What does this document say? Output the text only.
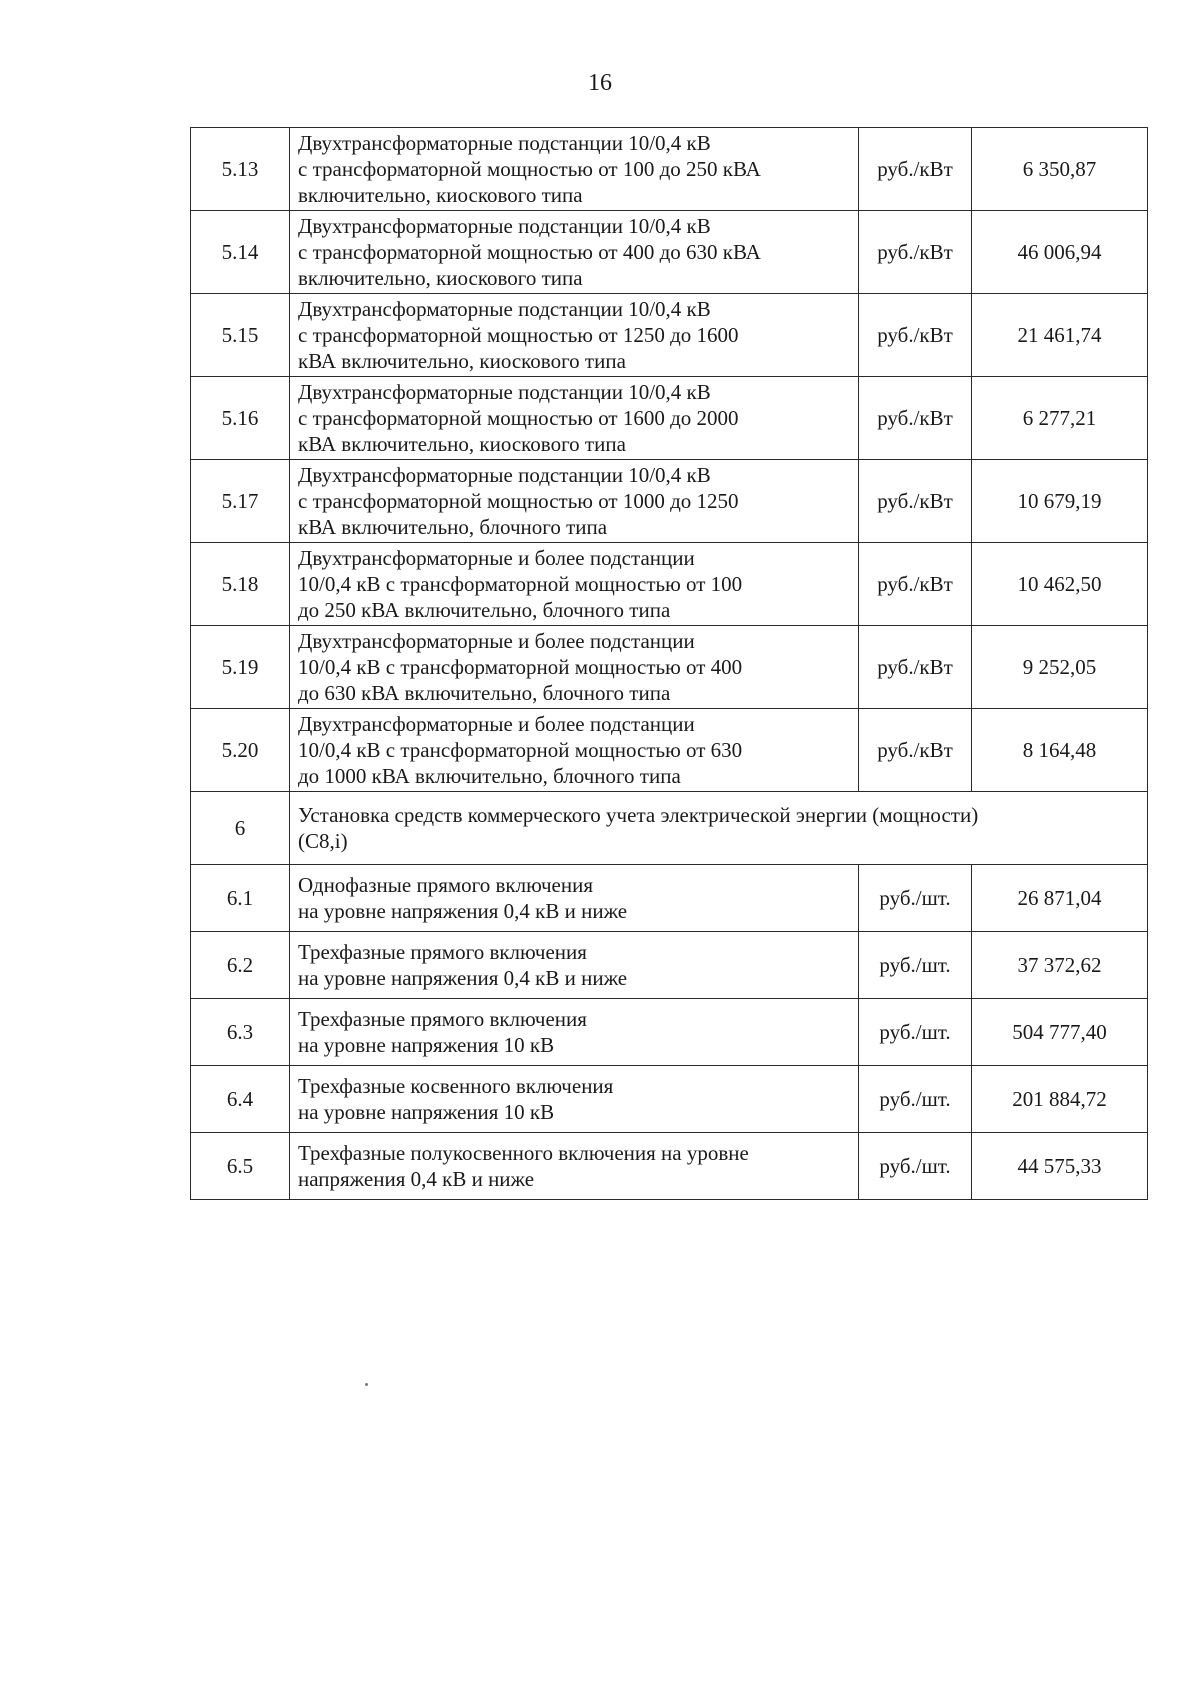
16
5.13	Двухтрансформаторные подстанции 10/0,4 кВ
с трансформаторной мощностью от 100 до 250 кВА
включительно, киоскового типа	руб./кВт	6 350,87
5.14	Двухтрансформаторные подстанции 10/0,4 кВ
с трансформаторной мощностью от 400 до 630 кВА
включительно, киоскового типа	руб./кВт	46 006,94
5.15	Двухтрансформаторные подстанции 10/0,4 кВ
с трансформаторной мощностью от 1250 до 1600
кВА включительно, киоскового типа	руб./кВт	21 461,74
5.16	Двухтрансформаторные подстанции 10/0,4 кВ
с трансформаторной мощностью от 1600 до 2000
кВА включительно, киоскового типа	руб./кВт	6 277,21
5.17	Двухтрансформаторные подстанции 10/0,4 кВ
с трансформаторной мощностью от 1000 до 1250
кВА включительно, блочного типа	руб./кВт	10 679,19
5.18	Двухтрансформаторные и более подстанции
10/0,4 кВ с трансформаторной мощностью от 100
до 250 кВА включительно, блочного типа	руб./кВт	10 462,50
5.19	Двухтрансформаторные и более подстанции
10/0,4 кВ с трансформаторной мощностью от 400
до 630 кВА включительно, блочного типа	руб./кВт	9 252,05
5.20	Двухтрансформаторные и более подстанции
10/0,4 кВ с трансформаторной мощностью от 630
до 1000 кВА включительно, блочного типа	руб./кВт	8 164,48
6	Установка средств коммерческого учета электрической энергии (мощности)
(C8,i)		

6.1	Однофазные прямого включения
на уровне напряжения 0,4 кВ и ниже	руб./шт.	26 871,04
6.2	Трехфазные прямого включения
на уровне напряжения 0,4 кВ и ниже	руб./шт.	37 372,62
6.3	Трехфазные прямого включения
на уровне напряжения 10 кВ	руб./шт.	504 777,40
6.4	Трехфазные косвенного включения
на уровне напряжения 10 кВ	руб./шт.	201 884,72
6.5	Трехфазные полукосвенного включения на уровне
напряжения 0,4 кВ и ниже	руб./шт.	44 575,33
